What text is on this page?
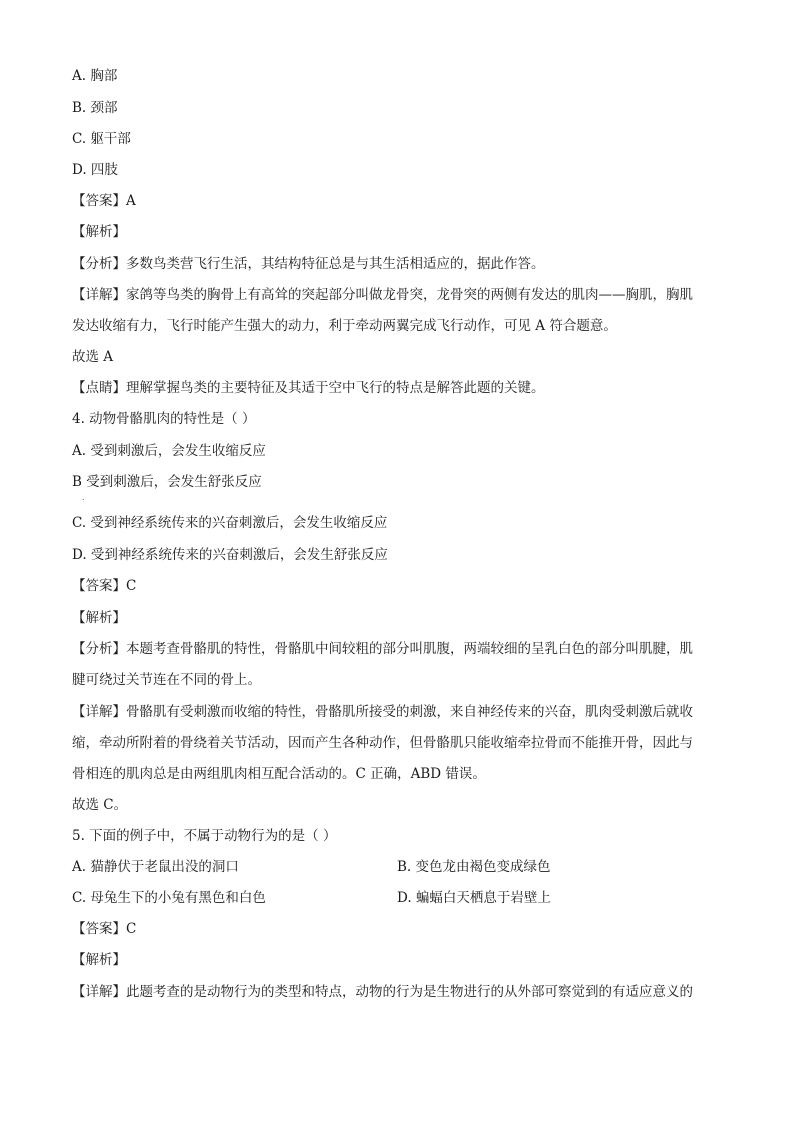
A. 胸部
B. 颈部
C. 躯干部
D. 四肢
【答案】A
【解析】
【分析】多数鸟类营飞行生活，其结构特征总是与其生活相适应的，据此作答。
【详解】家鸽等鸟类的胸骨上有高耸的突起部分叫做龙骨突，龙骨突的两侧有发达的肌肉——胸肌，胸肌
发达收缩有力，飞行时能产生强大的动力，利于牵动两翼完成飞行动作，可见 A 符合题意。
故选 A
【点睛】理解掌握鸟类的主要特征及其适于空中飞行的特点是解答此题的关键。
4. 动物骨骼肌肉的特性是（ ）
A. 受到刺激后，会发生收缩反应
B 受到刺激后，会发生舒张反应
.
C. 受到神经系统传来的兴奋刺激后，会发生收缩反应
D. 受到神经系统传来的兴奋刺激后，会发生舒张反应
【答案】C
【解析】
【分析】本题考查骨骼肌的特性，骨骼肌中间较粗的部分叫肌腹，两端较细的呈乳白色的部分叫肌腱，肌
腱可绕过关节连在不同的骨上。
【详解】骨骼肌有受刺激而收缩的特性，骨骼肌所接受的刺激，来自神经传来的兴奋，肌肉受刺激后就收
缩，牵动所附着的骨绕着关节活动，因而产生各种动作，但骨骼肌只能收缩牵拉骨而不能推开骨，因此与
骨相连的肌肉总是由两组肌肉相互配合活动的。C 正确，ABD 错误。
故选 C。
5. 下面的例子中，不属于动物行为的是（ ）
A. 猫静伏于老鼠出没的洞口	B. 变色龙由褐色变成绿色
C. 母兔生下的小兔有黑色和白色	D. 蝙蝠白天栖息于岩壁上
【答案】C
【解析】
【详解】此题考查的是动物行为的类型和特点，动物的行为是生物进行的从外部可察觉到的有适应意义的
